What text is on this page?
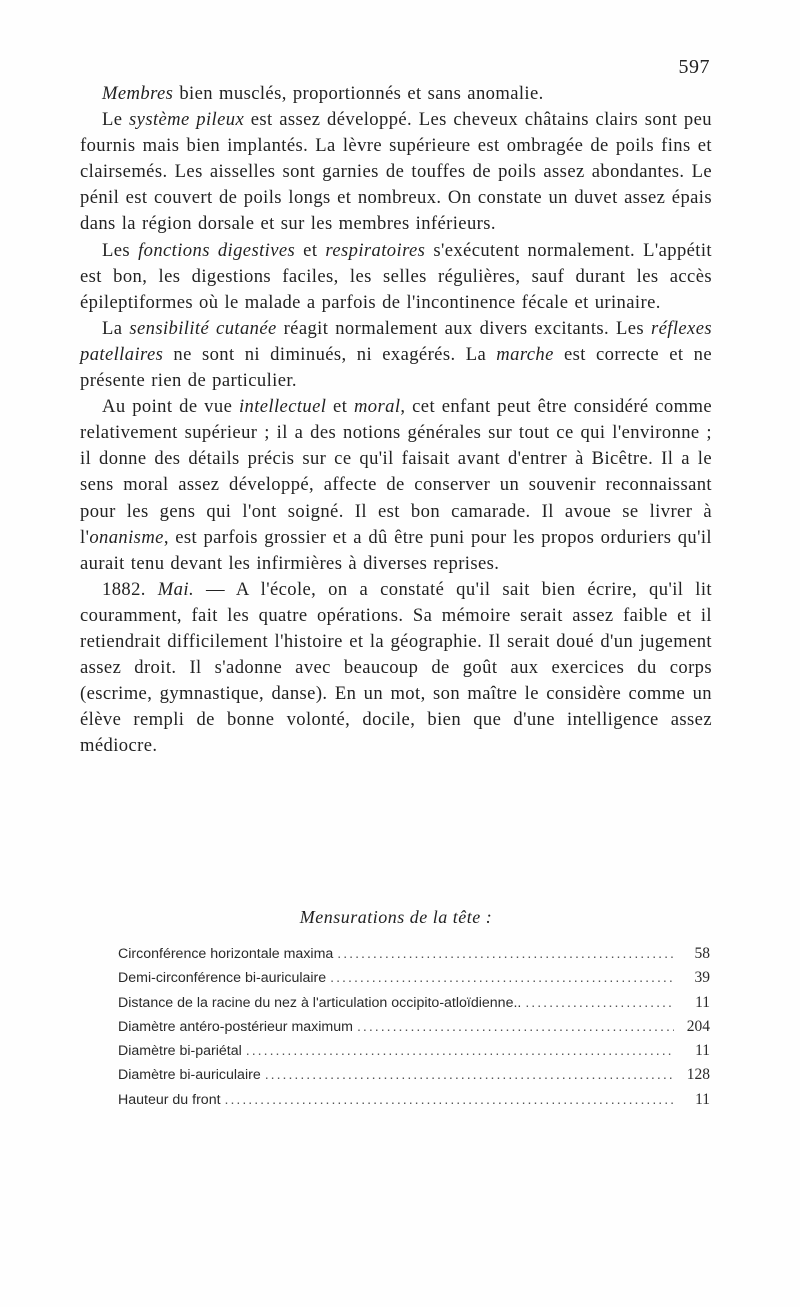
597

Membres bien musclés, proportionnés et sans anomalie.

Le système pileux est assez développé. Les cheveux châtains clairs sont peu fournis mais bien implantés. La lèvre supérieure est ombragée de poils fins et clairsemés. Les aisselles sont garnies de touffes de poils assez abondantes. Le pénil est couvert de poils longs et nombreux. On constate un duvet assez épais dans la région dorsale et sur les membres inférieurs.

Les fonctions digestives et respiratoires s'exécutent normalement. L'appétit est bon, les digestions faciles, les selles régulières, sauf durant les accès épileptiformes où le malade a parfois de l'incontinence fécale et urinaire.

La sensibilité cutanée réagit normalement aux divers excitants. Les réflexes patellaires ne sont ni diminués, ni exagérés. La marche est correcte et ne présente rien de particulier.

Au point de vue intellectuel et moral, cet enfant peut être considéré comme relativement supérieur ; il a des notions générales sur tout ce qui l'environne ; il donne des détails précis sur ce qu'il faisait avant d'entrer à Bicêtre. Il a le sens moral assez développé, affecte de conserver un souvenir reconnaissant pour les gens qui l'ont soigné. Il est bon camarade. Il avoue se livrer à l'onanisme, est parfois grossier et a dû être puni pour les propos orduriers qu'il aurait tenu devant les infirmières à diverses reprises.

1882. Mai. — A l'école, on a constaté qu'il sait bien écrire, qu'il lit couramment, fait les quatre opérations. Sa mémoire serait assez faible et il retiendrait difficilement l'histoire et la géographie. Il serait doué d'un jugement assez droit. Il s'adonne avec beaucoup de goût aux exercices du corps (escrime, gymnastique, danse). En un mot, son maître le considère comme un élève rempli de bonne volonté, docile, bien que d'une intelligence assez médiocre.

Mensurations de la tête :
Circonférence horizontale maxima .....	58
Demi-circonférence bi-auriculaire .....	39
Distance de la racine du nez à l'articulation occipito-atloïdienne.. .....	11
Diamètre antéro-postérieur maximum .....	204
Diamètre bi-pariétal .....	11
Diamètre bi-auriculaire .....	128
Hauteur du front .....	11
